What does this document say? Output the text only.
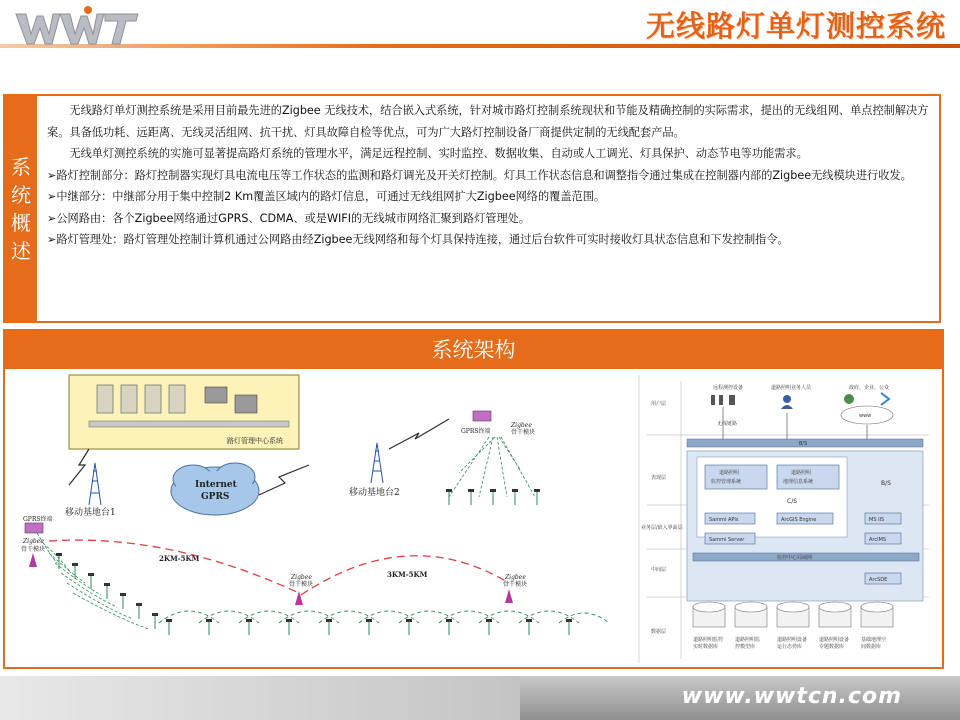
无线路灯单灯测控系统
系
统
概
述

无线路灯单灯测控系统是采用目前最先进的Zigbee 无线技术，结合嵌入式系统，针对城市路灯控制系统现状和节能及精确控制的实际需求，提出的无线组网、单点控制解决方案。具备低功耗、远距离、无线灵活组网、抗干扰、灯具故障自检等优点，可为广大路灯控制设备厂商提供定制的无线配套产品。

无线单灯测控系统的实施可显著提高路灯系统的管理水平，满足远程控制、实时监控、数据收集、自动或人工调光、灯具保护、动态节电等功能需求。

➢路灯控制部分：路灯控制器实现灯具电流电压等工作状态的监测和路灯调光及开关灯控制。灯具工作状态信息和调整指令通过集成在控制器内部的Zigbee无线模块进行收发。

➢中继部分：中继部分用于集中控制2 Km覆盖区域内的路灯信息，可通过无线组网扩大Zigbee网络的覆盖范围。

➢公网路由：各个Zigbee网络通过GPRS、CDMA、或是WIFI的无线城市网络汇聚到路灯管理处。

➢路灯管理处：路灯管理处控制计算机通过公网路由经Zigbee无线网络和每个灯具保持连接，通过后台软件可实时接收灯具状态信息和下发控制指令。

系统架构
路灯管理中心系统
Internet
GPRS
移动基地台1
移动基地台2
GPRS终端
Zigbee
骨干模块
GPRS终端
Zigbee
骨干模块
2KM-5KM
3KM-5KM
Zigbee
骨干模块
Zigbee
骨干模块
用户层
表现层
业务层/嵌入界面层
中间层
数据层
远程测控设备	道路照明业务人员	政府、企业、公众
www
无线链路
B/S
道路照明
监控管理系统
道路照明
地理信息系统
C/S
B/S
Sammi APIs	ArcGIS Engine	MS IIS
Sammi Server	ArcIMS
监控中心局域网
ArcSDE
道路照明监控实时数据库
道路照明监控模型库
道路照明设备运行态势库
道路照明设备专题数据库
基础地理空间数据库
www.wwtcn.com
